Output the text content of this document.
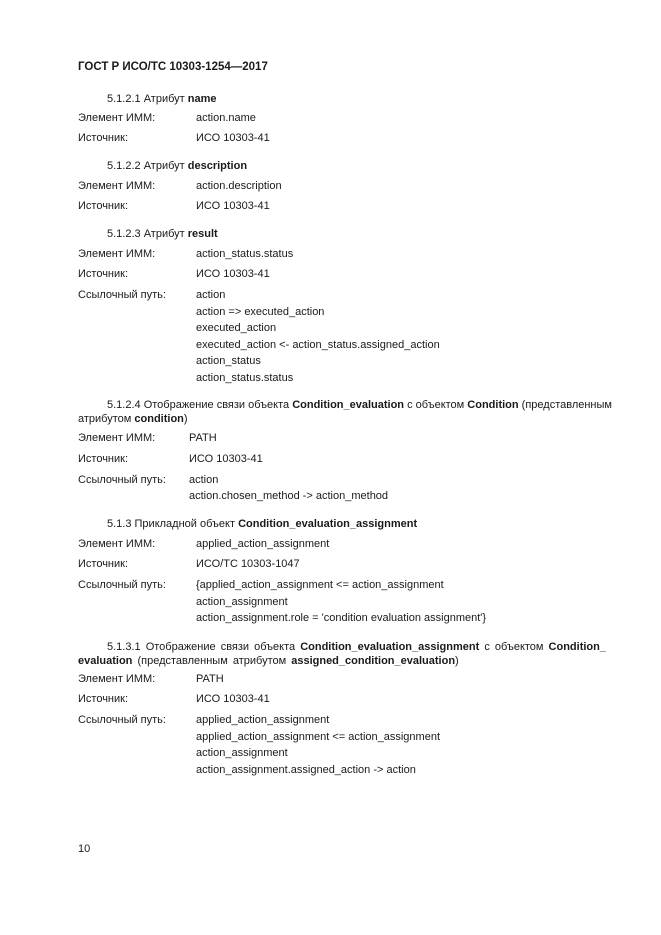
ГОСТ Р ИСО/ТС 10303-1254—2017
5.1.2.1 Атрибут name
Элемент ИММ:	action.name
Источник:	ИСО 10303-41
5.1.2.2 Атрибут description
Элемент ИММ:	action.description
Источник:	ИСО 10303-41
5.1.2.3 Атрибут result
Элемент ИММ:	action_status.status
Источник:	ИСО 10303-41
Ссылочный путь:	action
action => executed_action
executed_action
executed_action <- action_status.assigned_action
action_status
action_status.status
5.1.2.4 Отображение связи объекта Condition_evaluation с объектом Condition (представленным
атрибутом condition)
Элемент ИММ:	PATH
Источник:	ИСО 10303-41
Ссылочный путь: action
action.chosen_method -> action_method
5.1.3 Прикладной объект Condition_evaluation_assignment
Элемент ИММ:	applied_action_assignment
Источник:	ИСО/ТС 10303-1047
Ссылочный путь:	{applied_action_assignment <= action_assignment
action_assignment
action_assignment.role = 'condition evaluation assignment'}
5.1.3.1 Отображение связи объекта Condition_evaluation_assignment с объектом Condition_
evaluation (представленным атрибутом assigned_condition_evaluation)
Элемент ИММ:	PATH
Источник:	ИСО 10303-41
Ссылочный путь:	applied_action_assignment
applied_action_assignment <= action_assignment
action_assignment
action_assignment.assigned_action -> action
10
